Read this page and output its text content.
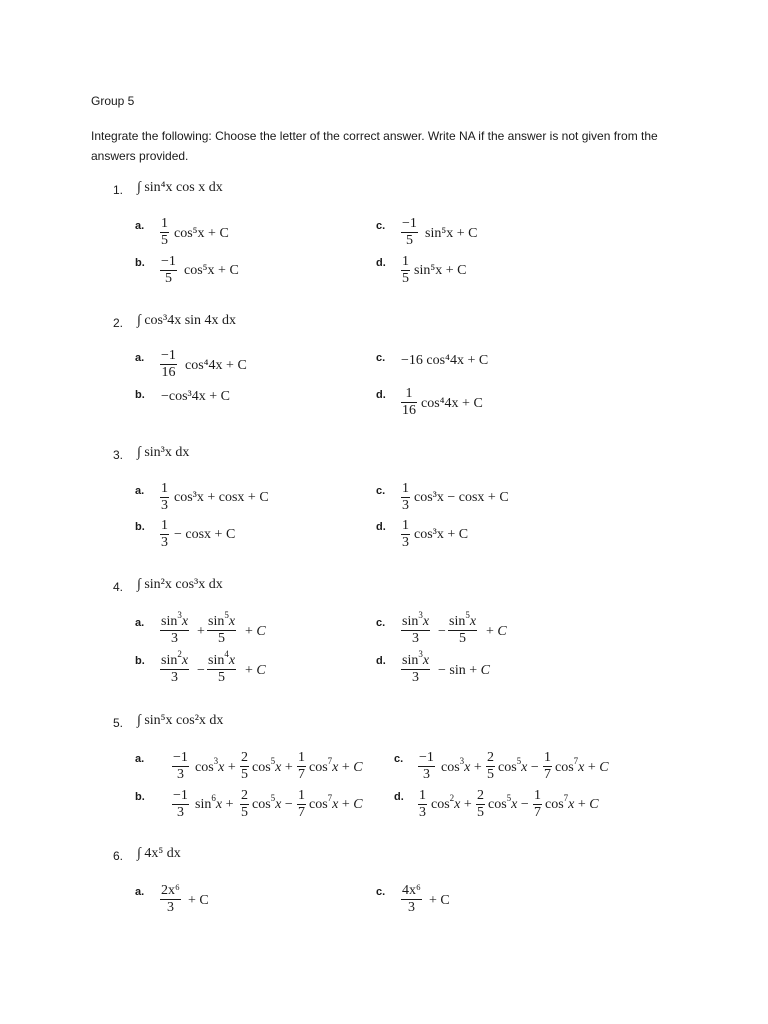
Group 5
Integrate the following: Choose the letter of the correct answer. Write NA if the answer is not given from the answers provided.
1. ∫ sin⁴x cos x dx
a. $\frac{1}{5} \cos^5x + C$
b. $\frac{-1}{5} \cos^5x + C$
c. $\frac{-1}{5} \sin^5x + C$
d. $\frac{1}{5} \sin^5x + C$
2. ∫ cos³4x sin 4x dx
a. $\frac{-1}{16} \cos^44x + C$
b. −cos³4x + C
c. −16 cos⁴4x + C
d. $\frac{1}{16} \cos^44x + C$
3. ∫ sin³x dx
a. $\frac{1}{3} \cos^3x + \cos x + C$
b. $\frac{1}{3} - \cos x + C$
c. $\frac{1}{3} \cos^3x - \cos x + C$
d. $\frac{1}{3} \cos^3x + C$
4. ∫ sin²x cos³x dx
a. $\frac{\sin^3x}{3} + \frac{\sin^5x}{5} + C$
b. $\frac{\sin^2x}{3} - \frac{\sin^4x}{5} + C$
c. $\frac{\sin^3x}{3} - \frac{\sin^5x}{5} + C$
d. $\frac{\sin^3x}{3} - \sin + C$
5. ∫ sin⁵x cos²x dx
a. $\frac{-1}{3} \cos^3x + \frac{2}{5} \cos^5x + \frac{1}{7} \cos^7x + C$
b. $\frac{-1}{3} \sin^6x + \frac{2}{5} \cos^5x - \frac{1}{7} \cos^7x + C$
c. $\frac{-1}{3} \cos^3x + \frac{2}{5} \cos^5x - \frac{1}{7} \cos^7x + C$
d. $\frac{1}{3} \cos^2x + \frac{2}{5} \cos^5x - \frac{1}{7} \cos^7x + C$
6. ∫ 4x⁵ dx
a. $\frac{\text{2x⁶}}{3} + C$
c. $\frac{\text{4x⁶}}{3} + C$
